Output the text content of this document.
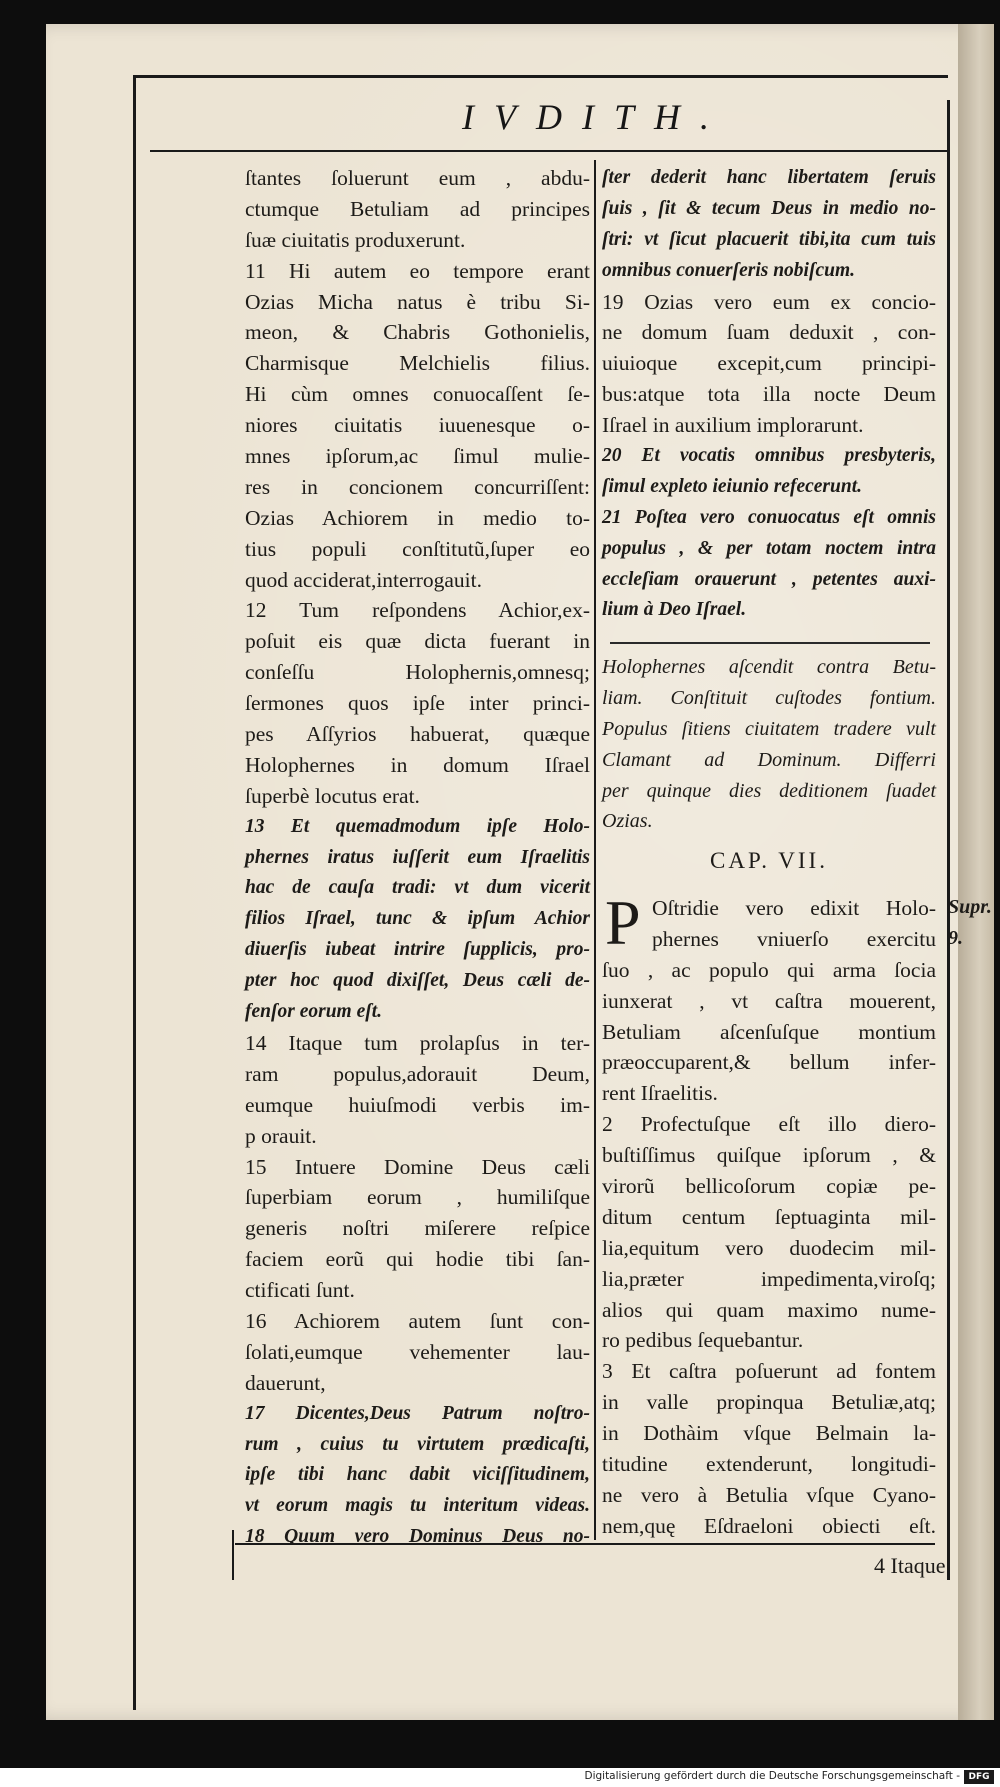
IVDITH.
ſtantes ſoluerunt eum , abdu-
ctumque Betuliam ad principes
ſuæ ciuitatis produxerunt.
11 Hi autem eo tempore erant
Ozias Micha natus è tribu Si-
meon, & Chabris Gothonielis,
Charmisque Melchielis filius.
Hi cùm omnes conuocaſſent ſe-
niores ciuitatis iuuenesque o-
mnes ipſorum,ac ſimul mulie-
res in concionem concurriſſent:
Ozias Achiorem in medio to-
tius populi conſtitutũ,ſuper eo
quod acciderat,interrogauit.
12 Tum reſpondens Achior,ex-
poſuit eis quæ dicta fuerant in
conſeſſu Holophernis,omnesq;
ſermones quos ipſe inter princi-
pes Aſſyrios habuerat, quæque
Holophernes in domum Iſrael
ſuperbè locutus erat.
13 Et quemadmodum ipſe Holo-
phernes iratus iuſſerit eum Iſraelitis
hac de cauſa tradi: vt dum vicerit
filios Iſrael, tunc & ipſum Achior
diuerſis iubeat intrire ſupplicis, pro-
pter hoc quod dixiſſet, Deus cæli de-
fenſor eorum eſt.
14 Itaque tum prolapſus in ter-
ram populus,adorauit Deum,
eumque huiuſmodi verbis im-
p orauit.
15 Intuere Domine Deus cæli
ſuperbiam eorum , humiliſque
generis noſtri miſerere reſpice
faciem eorũ qui hodie tibi ſan-
ctificati ſunt.
16 Achiorem autem ſunt con-
ſolati,eumque vehementer lau-
dauerunt,
17 Dicentes,Deus Patrum noſtro-
rum , cuius tu virtutem prædicaſti,
ipſe tibi hanc dabit viciſſitudinem,
vt eorum magis tu interitum videas.
18 Quum vero Dominus Deus no-
ſter dederit hanc libertatem ſeruis
ſuis , ſit & tecum Deus in medio no-
ſtri: vt ſicut placuerit tibi,ita cum tuis
omnibus conuerſeris nobiſcum.
19 Ozias vero eum ex concio-
ne domum ſuam deduxit , con-
uiuioque excepit,cum principi-
bus:atque tota illa nocte Deum
Iſrael in auxilium implorarunt.
20 Et vocatis omnibus presbyteris,
ſimul expleto ieiunio refecerunt.
21 Poſtea vero conuocatus eſt omnis
populus , & per totam noctem intra
eccleſiam orauerunt , petentes auxi-
lium à Deo Iſrael.
Holophernes aſcendit contra Betu-
liam. Conſtituit cuſtodes fontium.
Populus ſitiens ciuitatem tradere vult
Clamant ad Dominum. Differri
per quinque dies deditionem ſuadet
Ozias.
CAP. VII.
P Oſtridie vero edixit Holo-
phernes vniuerſo exercitu
ſuo , ac populo qui arma ſocia
iunxerat , vt caſtra mouerent,
Betuliam aſcenſuſque montium
præoccuparent,& bellum infer-
rent Iſraelitis.
2 Profectuſque eſt illo diero-
buſtiſſimus quiſque ipſorum , &
virorũ bellicoſorum copiæ pe-
ditum centum ſeptuaginta mil-
lia,equitum vero duodecim mil-
lia,præter impedimenta,viroſq;
alios qui quam maximo nume-
ro pedibus ſequebantur.
3 Et caſtra poſuerunt ad fontem
in valle propinqua Betuliæ,atq;
in Dothàim vſque Belmain la-
titudine extenderunt, longitudi-
ne vero à Betulia vſque Cyano-
nem,quę Eſdraeloni obiecti eſt.
Supr.
9.
4 Itaque
Digitalisierung gefördert durch die Deutsche Forschungsgemeinschaft - DFG
